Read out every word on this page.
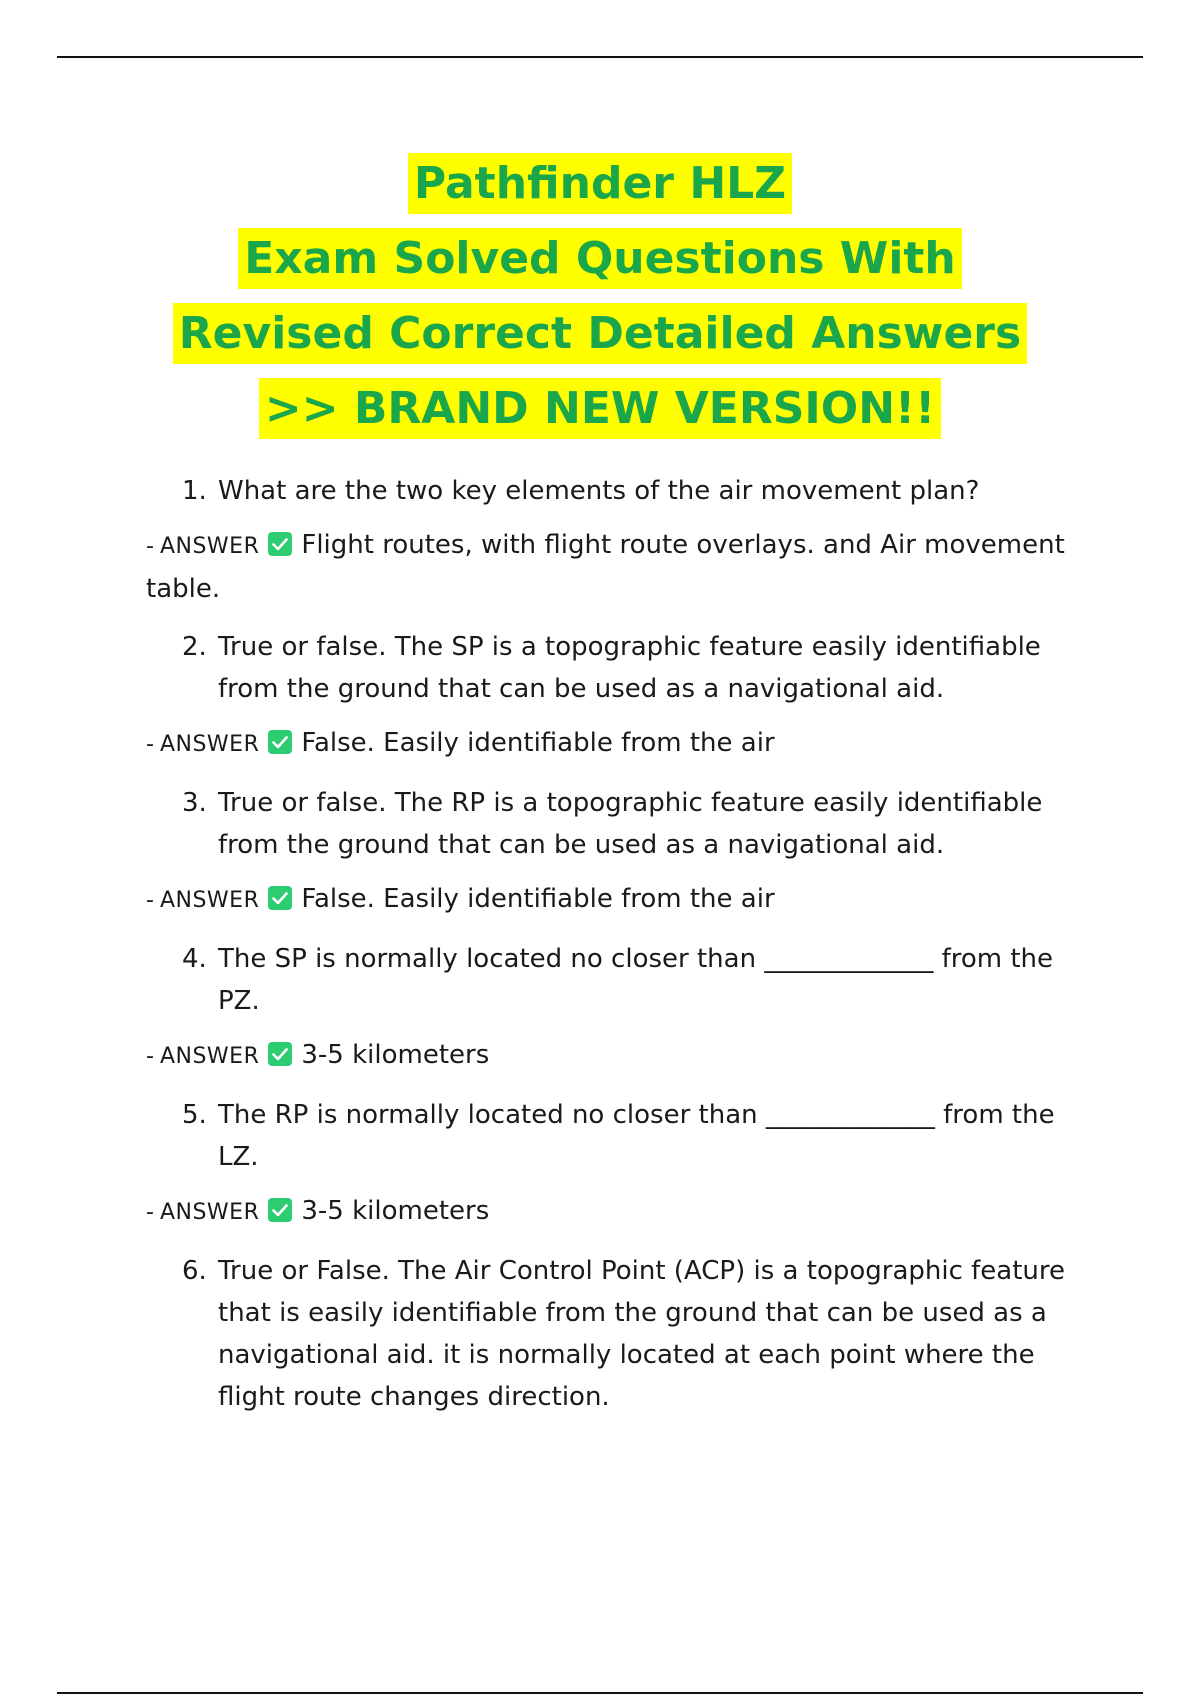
Pathfinder HLZ
Exam Solved Questions With
Revised Correct Detailed Answers
>> BRAND NEW VERSION!!
1. What are the two key elements of the air movement plan?
- ANSWER Flight routes, with flight route overlays. and Air movement table.
2. True or false. The SP is a topographic feature easily identifiable from the ground that can be used as a navigational aid.
- ANSWER False. Easily identifiable from the air
3. True or false. The RP is a topographic feature easily identifiable from the ground that can be used as a navigational aid.
- ANSWER False. Easily identifiable from the air
4. The SP is normally located no closer than _____________ from the PZ.
- ANSWER 3-5 kilometers
5. The RP is normally located no closer than _____________ from the LZ.
- ANSWER 3-5 kilometers
6. True or False. The Air Control Point (ACP) is a topographic feature that is easily identifiable from the ground that can be used as a navigational aid. it is normally located at each point where the flight route changes direction.
